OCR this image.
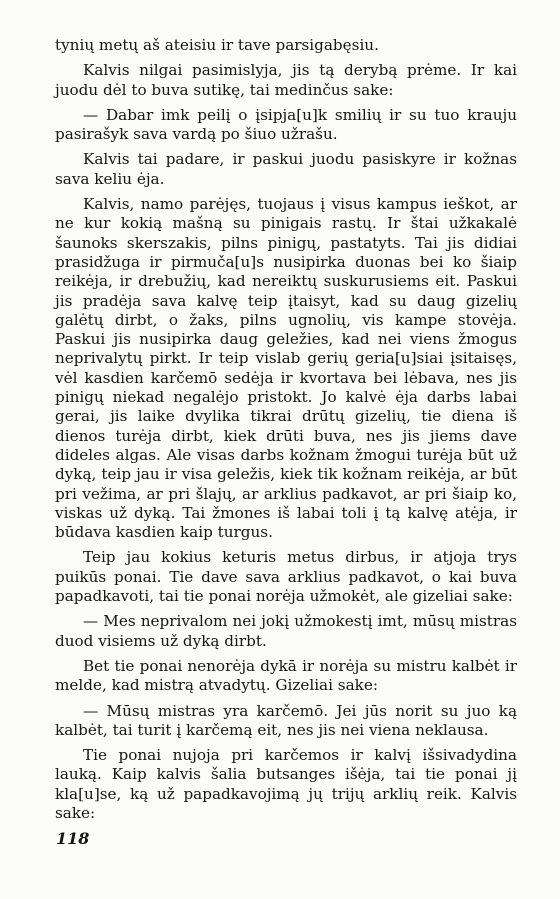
tynių metų aš ateisiu ir tave parsigabęsiu.

Kalvis nilgai pasimislyja, jis tą derybą prėme. Ir kai juodu dėl to buva sutikę, tai medinčus sake:

— Dabar imk peilį o įsipja[u]k smilių ir su tuo krauju pasirašyk sava vardą po šiuo užrašu.

Kalvis tai padare, ir paskui juodu pasiskyre ir kožnas sava keliu ėja.

Kalvis, namo parėjęs, tuojaus į visus kampus ieškot, ar ne kur kokią mašną su pinigais rastų. Ir štai užkakalė šaunoks skerszakis, pilns pinigų, pastatyts. Tai jis didiai prasidžuga ir pirmuča[u]s nusipirka duonas bei ko šiaip reikėja, ir drebužių, kad nereiktų suskurusiems eit. Paskui jis pradėja sava kalvę teip įtaisyt, kad su daug gizelių galėtų dirbt, o žaks, pilns ugnolių, vis kampe stovėja. Paskui jis nusipirka daug geležies, kad nei viens žmogus neprivalytų pirkt. Ir teip vislab gerių geria[u]siai įsitaisęs, vėl kasdien karčemō sedėja ir kvortava bei lėbava, nes jis pinigų niekad negalėjo pristokt. Jo kalvė ėja darbs labai gerai, jis laike dvylika tikrai drūtų gizelių, tie diena iš dienos turėja dirbt, kiek drūti buva, nes jis jiems dave dideles algas. Ale visas darbs kožnam žmogui turėja būt už dyką, teip jau ir visa geležis, kiek tik kožnam reikėja, ar būt pri vežima, ar pri šlajų, ar arklius padkavot, ar pri šiaip ko, viskas už dyką. Tai žmones iš labai toli į tą kalvę atėja, ir būdava kasdien kaip turgus.

Teip jau kokius keturis metus dirbus, ir atjoja trys puikūs ponai. Tie dave sava arklius padkavot, o kai buva papadkavoti, tai tie ponai norėja užmokėt, ale gizeliai sake:

— Mes neprivalom nei jokį užmokestį imt, mūsų mistras duod visiems už dyką dirbt.

Bet tie ponai nenorėja dykā ir norėja su mistru kalbėt ir melde, kad mistrą atvadytų. Gizeliai sake:

— Mūsų mistras yra karčemō. Jei jūs norit su juo ką kalbėt, tai turit į karčemą eit, nes jis nei viena neklausa.

Tie ponai nujoja pri karčemos ir kalvį išsivadydina lauką. Kaip kalvis šalia butsanges išėja, tai tie ponai jį kla[u]se, ką už papadkavojimą jų trijų arklių reik. Kalvis sake:

118
